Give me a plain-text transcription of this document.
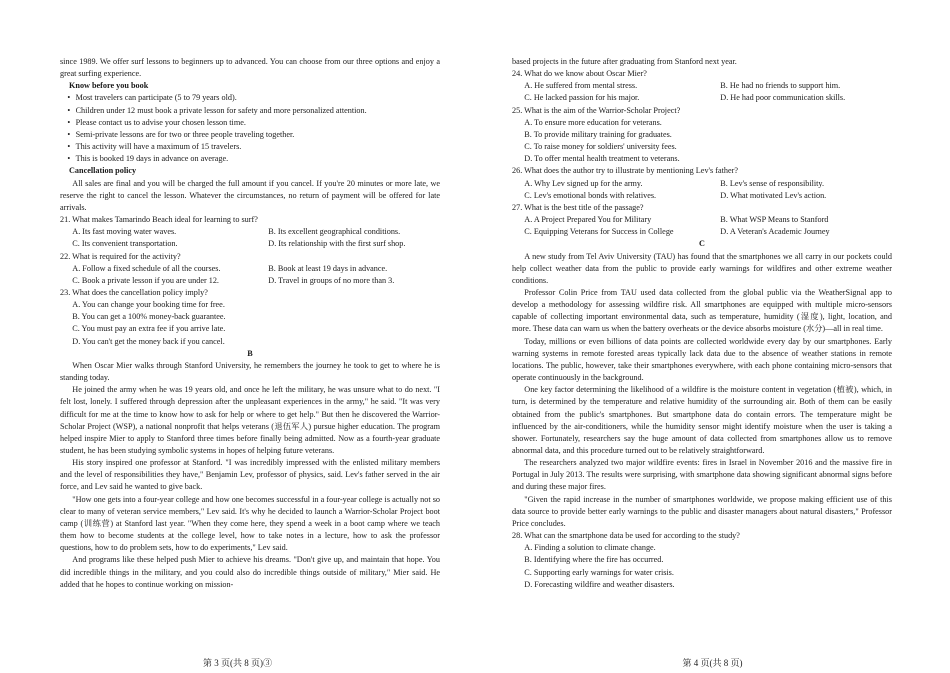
since 1989. We offer surf lessons to beginners up to advanced. You can choose from our three options and enjoy a great surfing experience.

Know before you book

• Most travelers can participate (5 to 79 years old).

• Children under 12 must book a private lesson for safety and more personalized attention.

• Please contact us to advise your chosen lesson time.

• Semi-private lessons are for two or three people traveling together.

• This activity will have a maximum of 15 travelers.

• This is booked 19 days in advance on average.

Cancellation policy

All sales are final and you will be charged the full amount if you cancel. If you're 20 minutes or more late, we reserve the right to cancel the lesson. Whatever the circumstances, no return of payment will be offered for late arrivals.

21. What makes Tamarindo Beach ideal for learning to surf?

A. Its fast moving water waves.	B. Its excellent geographical conditions.
C. Its convenient transportation.	D. Its relationship with the first surf shop.

22. What is required for the activity?

A. Follow a fixed schedule of all the courses.	B. Book at least 19 days in advance.
C. Book a private lesson if you are under 12.	D. Travel in groups of no more than 3.

23. What does the cancellation policy imply?

A. You can change your booking time for free.

B. You can get a 100% money-back guarantee.

C. You must pay an extra fee if you arrive late.

D. You can't get the money back if you cancel.

B

When Oscar Mier walks through Stanford University, he remembers the journey he took to get to where he is standing today.

He joined the army when he was 19 years old, and once he left the military, he was unsure what to do next. "I felt lost, lonely. I suffered through depression after the unpleasant experiences in the army," he said. "It was very difficult for me at the time to know how to ask for help or where to get help." But then he discovered the Warrior-Scholar Project (WSP), a national nonprofit that helps veterans (退伍军人) pursue higher education. The program helped inspire Mier to apply to Stanford three times before finally being admitted. Now as a fourth-year graduate student, he has been studying symbolic systems in hopes of helping future veterans.

His story inspired one professor at Stanford. "I was incredibly impressed with the enlisted military members and the level of responsibilities they have," Benjamin Lev, professor of physics, said. Lev's father served in the air force, and Lev said he wanted to give back.

"How one gets into a four-year college and how one becomes successful in a four-year college is actually not so clear to many of veteran service members," Lev said. It's why he decided to launch a Warrior-Scholar Project boot camp (训练营) at Stanford last year. "When they come here, they spend a week in a boot camp where we teach them how to become students at the college level, how to take notes in a lecture, how to ask the professor questions, how to do problem sets, how to do experiments," Lev said.

And programs like these helped push Mier to achieve his dreams. "Don't give up, and maintain that hope. You did incredible things in the military, and you could also do incredible things outside of military," Mier said. He added that he hopes to continue working on mission-

第 3 页(共 8 页)③

based projects in the future after graduating from Stanford next year.

24. What do we know about Oscar Mier?

A. He suffered from mental stress.	B. He had no friends to support him.
C. He lacked passion for his major.	D. He had poor communication skills.

25. What is the aim of the Warrior-Scholar Project?

A. To ensure more education for veterans.

B. To provide military training for graduates.

C. To raise money for soldiers' university fees.

D. To offer mental health treatment to veterans.

26. What does the author try to illustrate by mentioning Lev's father?

A. Why Lev signed up for the army.	B. Lev's sense of responsibility.
C. Lev's emotional bonds with relatives.	D. What motivated Lev's action.

27. What is the best title of the passage?

A. A Project Prepared You for Military	B. What WSP Means to Stanford
C. Equipping Veterans for Success in College	D. A Veteran's Academic Journey

C

A new study from Tel Aviv University (TAU) has found that the smartphones we all carry in our pockets could help collect weather data from the public to provide early warnings for wildfires and other extreme weather conditions.

Professor Colin Price from TAU used data collected from the global public via the WeatherSignal app to develop a methodology for assessing wildfire risk. All smartphones are equipped with multiple micro-sensors capable of collecting important environmental data, such as temperature, humidity (湿度), light, location, and more. These data can warn us when the battery overheats or the device absorbs moisture (水分)—all in real time.

Today, millions or even billions of data points are collected worldwide every day by our smartphones. Early warning systems in remote forested areas typically lack data due to the absence of weather stations in remote locations. The public, however, take their smartphones everywhere, with each phone containing micro-sensors that operate continuously in the background.

One key factor determining the likelihood of a wildfire is the moisture content in vegetation (植被), which, in turn, is determined by the temperature and relative humidity of the surrounding air. Both of them can be easily obtained from the public's smartphones. But smartphone data do contain errors. The temperature might be influenced by the air-conditioners, while the humidity sensor might identify moisture when the user is taking a shower. Fortunately, researchers say the huge amount of data collected from smartphones allow us to remove abnormal data, and this procedure turned out to be relatively straightforward.

The researchers analyzed two major wildfire events: fires in Israel in November 2016 and the massive fire in Portugal in July 2013. The results were surprising, with smartphone data showing significant abnormal signs before and during these major fires.

"Given the rapid increase in the number of smartphones worldwide, we propose making efficient use of this data source to provide better early warnings to the public and disaster managers about natural disasters," Professor Price concludes.

28. What can the smartphone data be used for according to the study?

A. Finding a solution to climate change.

B. Identifying where the fire has occurred.

C. Supporting early warnings for water crisis.

D. Forecasting wildfire and weather disasters.

第 4 页(共 8 页)
